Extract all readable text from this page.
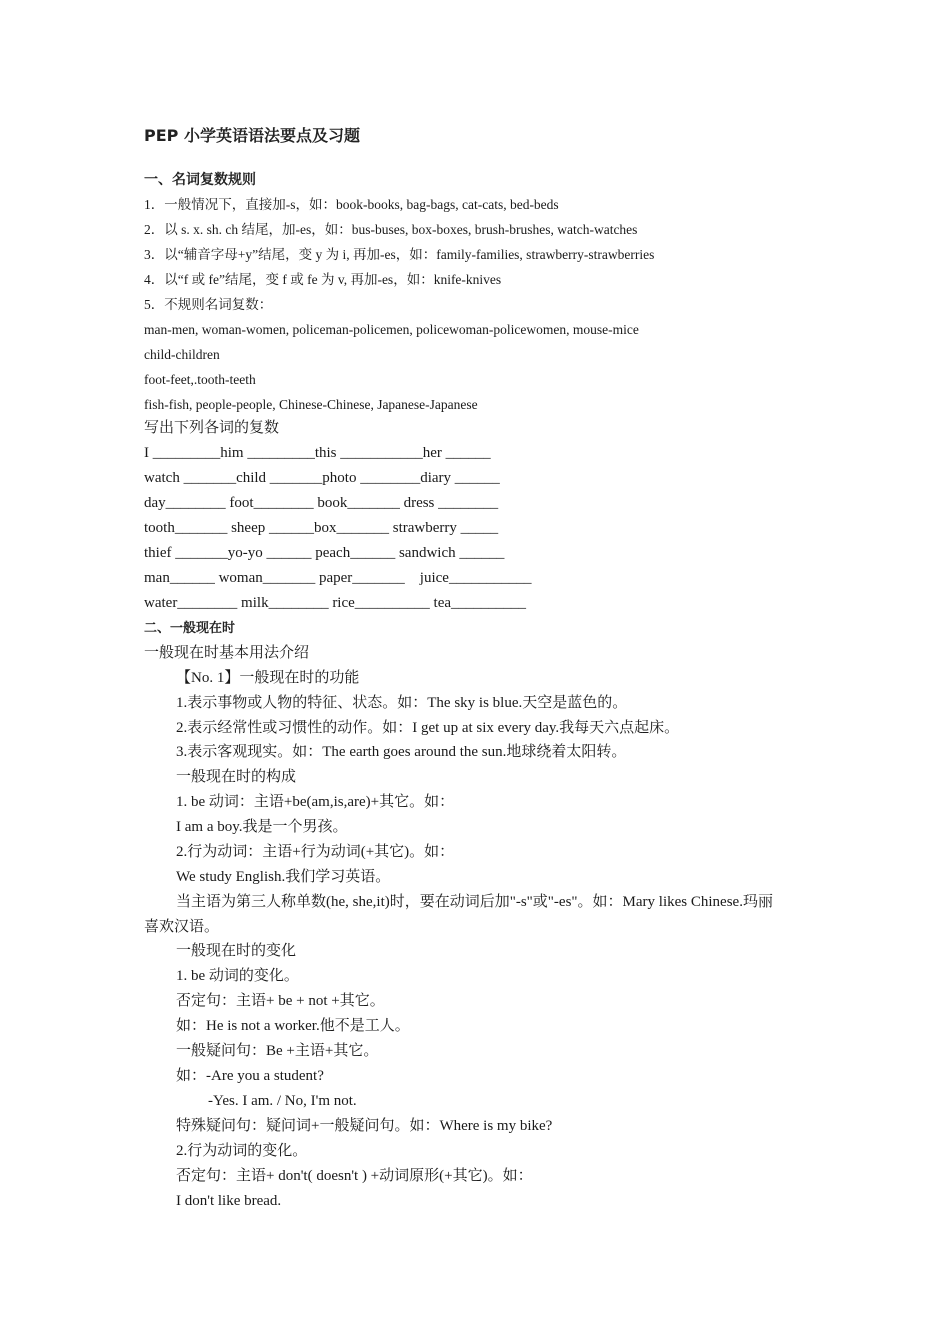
PEP 小学英语语法要点及习题
一、名词复数规则
1．一般情况下，直接加-s，如：book-books, bag-bags, cat-cats, bed-beds
2．以 s. x. sh. ch 结尾，加-es，如：bus-buses, box-boxes, brush-brushes, watch-watches
3．以“辅音字母+y”结尾，变 y 为 i, 再加-es，如：family-families, strawberry-strawberries
4．以“f 或 fe”结尾，变 f 或 fe 为 v, 再加-es，如：knife-knives
5．不规则名词复数：
man-men, woman-women, policeman-policemen, policewoman-policewomen, mouse-mice
child-children
foot-feet,.tooth-teeth
fish-fish, people-people, Chinese-Chinese, Japanese-Japanese
写出下列各词的复数
I _________him _________this ___________her ______
watch _______child _______photo ________diary ______
day________ foot________ book_______ dress ________
tooth_______ sheep ______box_______ strawberry _____
thief _______yo-yo ______ peach______ sandwich ______
man______ woman_______ paper_______    juice___________
water________ milk________ rice__________ tea__________
二、一般现在时
一般现在时基本用法介绍
【No. 1】一般现在时的功能
1.表示事物或人物的特征、状态。如：The sky is blue.天空是蓝色的。
2.表示经常性或习惯性的动作。如：I get up at six every day.我每天六点起床。
3.表示客观现实。如：The earth goes around the sun.地球绕着太阳转。
一般现在时的构成
1. be 动词：主语+be(am,is,are)+其它。如：
I am a boy.我是一个男孩。
2.行为动词：主语+行为动词(+其它)。如：
We study English.我们学习英语。
当主语为第三人称单数(he, she,it)时，要在动词后加"-s"或"-es"。如：Mary likes Chinese.玛丽
喜欢汉语。
一般现在时的变化
1. be 动词的变化。
否定句：主语+ be + not +其它。
如：He is not a worker.他不是工人。
一般疑问句：Be +主语+其它。
如：-Are you a student?
-Yes. I am. / No, I'm not.
特殊疑问句：疑问词+一般疑问句。如：Where is my bike?
2.行为动词的变化。
否定句：主语+ don't( doesn't ) +动词原形(+其它)。如：
I don't like bread.
